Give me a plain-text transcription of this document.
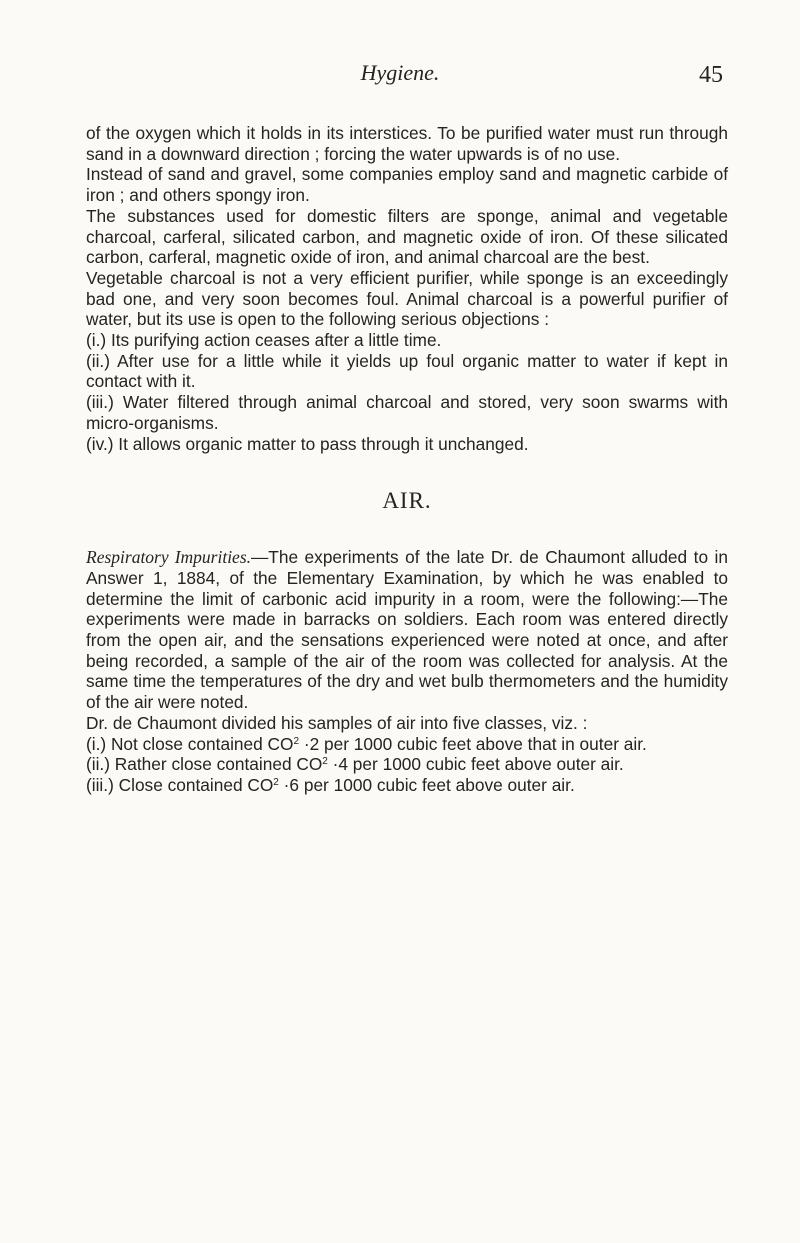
Hygiene.	45

of the oxygen which it holds in its interstices. To be purified water must run through sand in a downward direction ; forcing the water upwards is of no use.

Instead of sand and gravel, some companies employ sand and magnetic carbide of iron ; and others spongy iron.

The substances used for domestic filters are sponge, animal and vegetable charcoal, carferal, silicated carbon, and magnetic oxide of iron. Of these silicated carbon, carferal, magnetic oxide of iron, and animal charcoal are the best.

Vegetable charcoal is not a very efficient purifier, while sponge is an exceedingly bad one, and very soon becomes foul. Animal charcoal is a powerful purifier of water, but its use is open to the following serious objections :

(i.) Its purifying action ceases after a little time.

(ii.) After use for a little while it yields up foul organic matter to water if kept in contact with it.

(iii.) Water filtered through animal charcoal and stored, very soon swarms with micro-organisms.

(iv.) It allows organic matter to pass through it unchanged.

AIR.

Respiratory Impurities.—The experiments of the late Dr. de Chaumont alluded to in Answer 1, 1884, of the Elementary Examination, by which he was enabled to determine the limit of carbonic acid impurity in a room, were the following:—The experiments were made in barracks on soldiers. Each room was entered directly from the open air, and the sensations experienced were noted at once, and after being recorded, a sample of the air of the room was collected for analysis. At the same time the temperatures of the dry and wet bulb thermometers and the humidity of the air were noted.

Dr. de Chaumont divided his samples of air into five classes, viz. :

(i.) Not close contained $CO^2 \cdot 2$ per 1000 cubic feet above that in outer air.

(ii.) Rather close contained $CO^2 \cdot 4$ per 1000 cubic feet above outer air.

(iii.) Close contained $CO^2 \cdot 6$ per 1000 cubic feet above outer air.
